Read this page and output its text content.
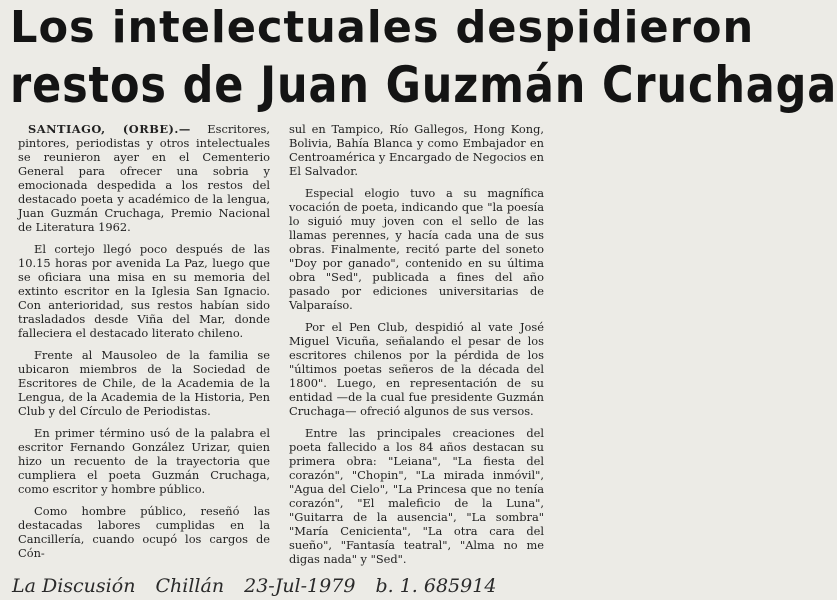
Los intelectuales despidieron
restos de Juan Guzmán Cruchaga

SANTIAGO, (ORBE).— Escritores, pintores, periodistas y otros intelectuales se reunieron ayer en el Cementerio General para ofrecer una sobria y emocionada despedida a los restos del destacado poeta y académico de la lengua, Juan Guzmán Cruchaga, Premio Nacional de Literatura 1962.

El cortejo llegó poco después de las 10.15 horas por avenida La Paz, luego que se oficiara una misa en su memoria del extinto escritor en la Iglesia San Ignacio. Con anterioridad, sus restos habían sido trasladados desde Viña del Mar, donde falleciera el destacado literato chileno.

Frente al Mausoleo de la familia se ubicaron miembros de la Sociedad de Escritores de Chile, de la Academia de la Lengua, de la Academia de la Historia, Pen Club y del Círculo de Periodistas.

En primer término usó de la palabra el escritor Fernando González Urizar, quien hizo un recuento de la trayectoria que cumpliera el poeta Guzmán Cruchaga, como escritor y hombre público.

Como hombre público, reseñó las destacadas labores cumplidas en la Cancillería, cuando ocupó los cargos de Cón-

sul en Tampico, Río Gallegos, Hong Kong, Bolivia, Bahía Blanca y como Embajador en Centroamérica y Encargado de Negocios en El Salvador.

Especial elogio tuvo a su magnífica vocación de poeta, indicando que "la poesía lo siguió muy joven con el sello de las llamas perennes, y hacía cada una de sus obras. Finalmente, recitó parte del soneto "Doy por ganado", contenido en su última obra "Sed", publicada a fines del año pasado por ediciones universitarias de Valparaíso.

Por el Pen Club, despidió al vate José Miguel Vicuña, señalando el pesar de los escritores chilenos por la pérdida de los "últimos poetas señeros de la década del 1800". Luego, en representación de su entidad —de la cual fue presidente Guzmán Cruchaga— ofreció algunos de sus versos.

Entre las principales creaciones del poeta fallecido a los 84 años destacan su primera obra: "Leiana", "La fiesta del corazón", "Chopin", "La mirada inmóvil", "Agua del Cielo", "La Princesa que no tenía corazón", "El maleficio de la Luna", "Guitarra de la ausencia", "La sombra" "María Cenicienta", "La otra cara del sueño", "Fantasía teatral", "Alma no me digas nada" y "Sed".

La Discusión Chillán 23-Jul-1979 b. 1. 685914
